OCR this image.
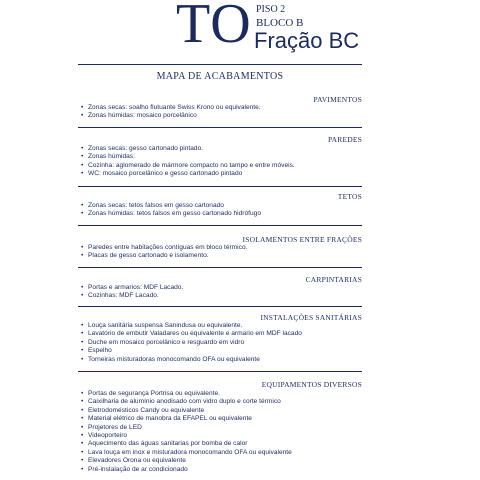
TO PISO 2
BLOCO B
Fração BC
MAPA DE ACABAMENTOS
PAVIMENTOS
• Zonas secas: soalho flutuante Swiss Krono ou equivalente.
• Zonas húmidas: mosaico porcelânico
PAREDES
• Zonas secas: gesso cartonado pintado.
• Zonas húmidas:
• Cozinha: aglomerado de mármore compacto no tampo e entre móveis.
• WC: mosaico porcelânico e gesso cartonado pintado
TETOS
• Zonas secas: tetos falsos em gesso cartonado
• Zonas húmidas: tetos falsos em gesso cartonado hidrófugo
ISOLAMENTOS ENTRE FRAÇÕES
• Paredes entre habitações contíguas em bloco térmico.
• Placas de gesso cartonado e isolamento.
CARPINTARIAS
• Portas e armarios: MDF Lacado.
• Cozinhas: MDF Lacado.
INSTALAÇÕES SANITÁRIAS
• Louça sanitária suspensa Sanindusa ou equivalente.
• Lavatório de embutir Valadares ou equivalente e armario em MDF lacado
• Duche em mosaico porcelânico e resguardo em vidro
• Espelho
• Torneiras misturadoras monocomando OFA ou equivalente
EQUIPAMENTOS DIVERSOS
• Portas de segurança Portrisa ou equivalente.
• Caixilharia de alumínio anodisado com vidro duplo e corte térmico
• Eletrodomésticos Candy ou equivalente
• Material elétrico de manobra da EFAPEL ou equivalente
• Projetores de LED
• Videoporteiro
• Aquecimento das águas sanitarias por bomba de calor
• Lava louça em inox e misturadora monocomando OFA ou equivalente
• Elevadores Orona ou equivalente
• Pré-instalação de ar condicionado
